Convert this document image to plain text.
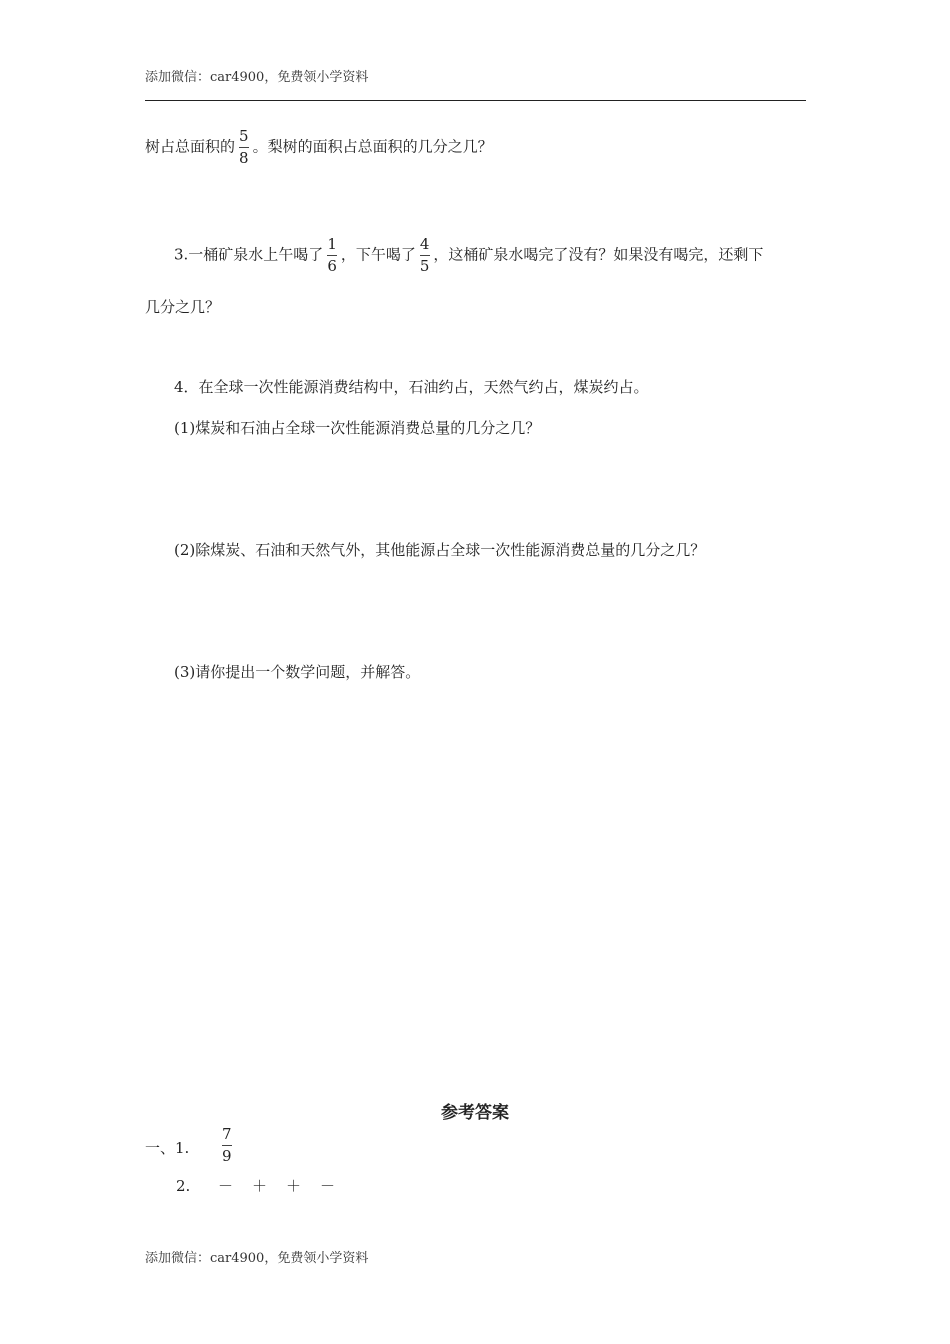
添加微信：car4900，免费领小学资料
树占总面积的 $\frac{5}{8}$ 。梨树的面积占总面积的几分之几？
3.一桶矿泉水上午喝了 $\frac{1}{6}$ ，下午喝了 $\frac{4}{5}$ ，这桶矿泉水喝完了没有？如果没有喝完，还剩下
几分之几？
4．在全球一次性能源消费结构中，石油约占，天然气约占，煤炭约占。
(1)煤炭和石油占全球一次性能源消费总量的几分之几？
(2)除煤炭、石油和天然气外，其他能源占全球一次性能源消费总量的几分之几？
(3)请你提出一个数学问题，并解答。
参考答案
一、1. $\frac{7}{9}$
2. － ＋ ＋ －
添加微信：car4900，免费领小学资料
